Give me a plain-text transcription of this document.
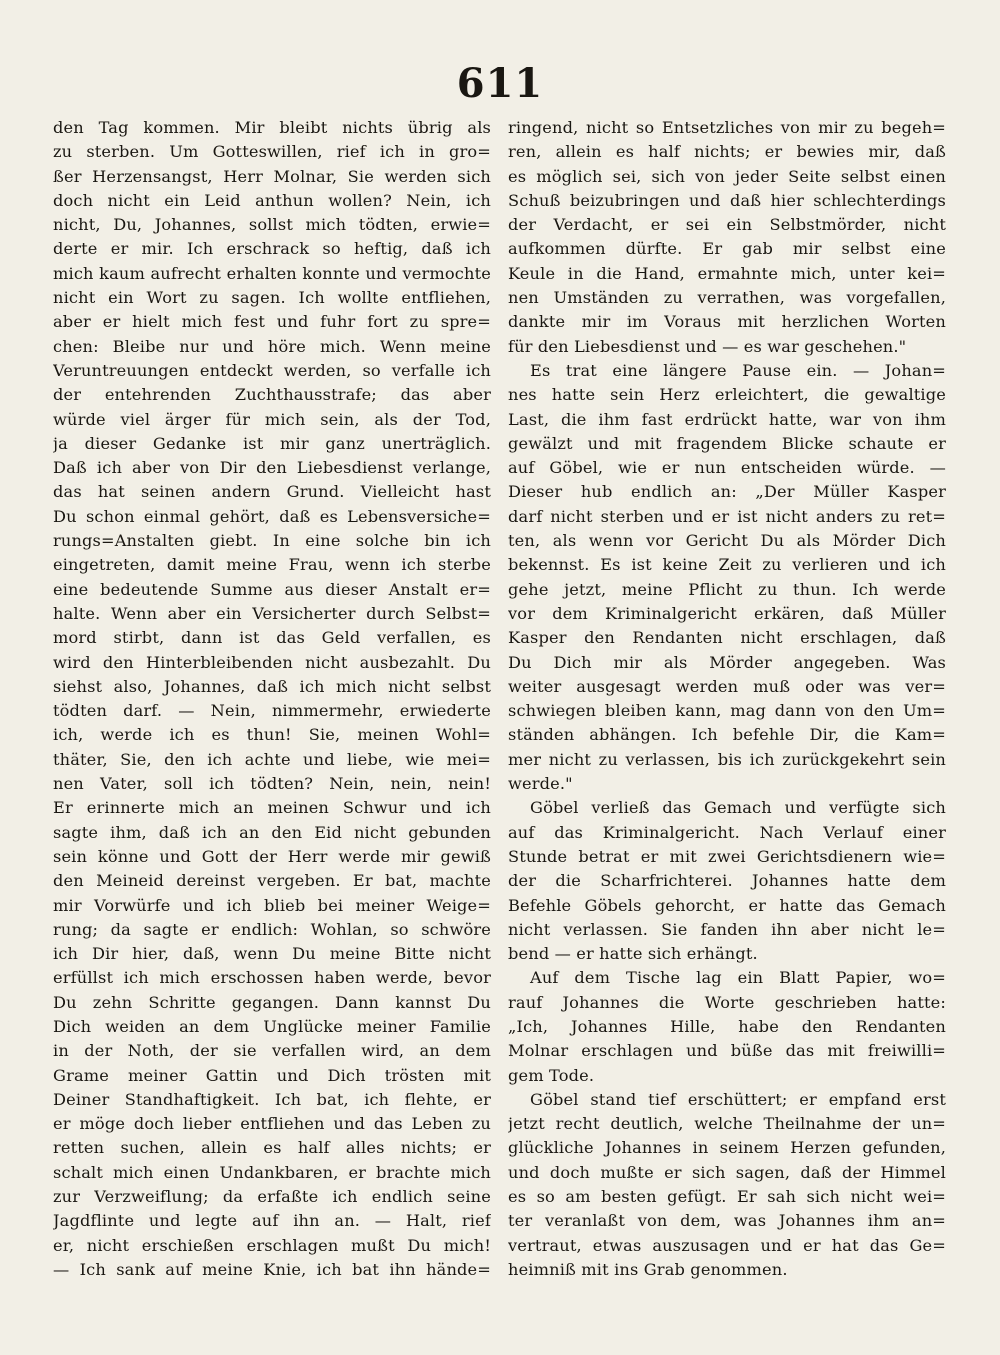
611
den Tag kommen. Mir bleibt nichts übrig als
zu sterben. Um Gotteswillen, rief ich in gro=
ßer Herzensangst, Herr Molnar, Sie werden sich
doch nicht ein Leid anthun wollen? Nein, ich
nicht, Du, Johannes, sollst mich tödten, erwie=
derte er mir. Ich erschrack so heftig, daß ich
mich kaum aufrecht erhalten konnte und vermochte
nicht ein Wort zu sagen. Ich wollte entfliehen,
aber er hielt mich fest und fuhr fort zu spre=
chen: Bleibe nur und höre mich. Wenn meine
Veruntreuungen entdeckt werden, so verfalle ich
der entehrenden Zuchthausstrafe; das aber
würde viel ärger für mich sein, als der Tod,
ja dieser Gedanke ist mir ganz unerträglich.
Daß ich aber von Dir den Liebesdienst verlange,
das hat seinen andern Grund. Vielleicht hast
Du schon einmal gehört, daß es Lebensversiche=
rungs=Anstalten giebt. In eine solche bin ich
eingetreten, damit meine Frau, wenn ich sterbe
eine bedeutende Summe aus dieser Anstalt er=
halte. Wenn aber ein Versicherter durch Selbst=
mord stirbt, dann ist das Geld verfallen, es
wird den Hinterbleibenden nicht ausbezahlt. Du
siehst also, Johannes, daß ich mich nicht selbst
tödten darf. — Nein, nimmermehr, erwiederte
ich, werde ich es thun! Sie, meinen Wohl=
thäter, Sie, den ich achte und liebe, wie mei=
nen Vater, soll ich tödten? Nein, nein, nein!
Er erinnerte mich an meinen Schwur und ich
sagte ihm, daß ich an den Eid nicht gebunden
sein könne und Gott der Herr werde mir gewiß
den Meineid dereinst vergeben. Er bat, machte
mir Vorwürfe und ich blieb bei meiner Weige=
rung; da sagte er endlich: Wohlan, so schwöre
ich Dir hier, daß, wenn Du meine Bitte nicht
erfüllst ich mich erschossen haben werde, bevor
Du zehn Schritte gegangen. Dann kannst Du
Dich weiden an dem Unglücke meiner Familie
in der Noth, der sie verfallen wird, an dem
Grame meiner Gattin und Dich trösten mit
Deiner Standhaftigkeit. Ich bat, ich flehte, er
er möge doch lieber entfliehen und das Leben zu
retten suchen, allein es half alles nichts; er
schalt mich einen Undankbaren, er brachte mich
zur Verzweiflung; da erfaßte ich endlich seine
Jagdflinte und legte auf ihn an. — Halt, rief
er, nicht erschießen erschlagen mußt Du mich!
— Ich sank auf meine Knie, ich bat ihn hände=
ringend, nicht so Entsetzliches von mir zu begeh=
ren, allein es half nichts; er bewies mir, daß
es möglich sei, sich von jeder Seite selbst einen
Schuß beizubringen und daß hier schlechterdings
der Verdacht, er sei ein Selbstmörder, nicht
aufkommen dürfte. Er gab mir selbst eine
Keule in die Hand, ermahnte mich, unter kei=
nen Umständen zu verrathen, was vorgefallen,
dankte mir im Voraus mit herzlichen Worten
für den Liebesdienst und — es war geschehen."
Es trat eine längere Pause ein. — Johan=
nes hatte sein Herz erleichtert, die gewaltige
Last, die ihm fast erdrückt hatte, war von ihm
gewälzt und mit fragendem Blicke schaute er
auf Göbel, wie er nun entscheiden würde. —
Dieser hub endlich an: „Der Müller Kasper
darf nicht sterben und er ist nicht anders zu ret=
ten, als wenn vor Gericht Du als Mörder Dich
bekennst. Es ist keine Zeit zu verlieren und ich
gehe jetzt, meine Pflicht zu thun. Ich werde
vor dem Kriminalgericht erkären, daß Müller
Kasper den Rendanten nicht erschlagen, daß
Du Dich mir als Mörder angegeben. Was
weiter ausgesagt werden muß oder was ver=
schwiegen bleiben kann, mag dann von den Um=
ständen abhängen. Ich befehle Dir, die Kam=
mer nicht zu verlassen, bis ich zurückgekehrt sein
werde."
Göbel verließ das Gemach und verfügte sich
auf das Kriminalgericht. Nach Verlauf einer
Stunde betrat er mit zwei Gerichtsdienern wie=
der die Scharfrichterei. Johannes hatte dem
Befehle Göbels gehorcht, er hatte das Gemach
nicht verlassen. Sie fanden ihn aber nicht le=
bend — er hatte sich erhängt.
Auf dem Tische lag ein Blatt Papier, wo=
rauf Johannes die Worte geschrieben hatte:
„Ich, Johannes Hille, habe den Rendanten
Molnar erschlagen und büße das mit freiwilli=
gem Tode.
Göbel stand tief erschüttert; er empfand erst
jetzt recht deutlich, welche Theilnahme der un=
glückliche Johannes in seinem Herzen gefunden,
und doch mußte er sich sagen, daß der Himmel
es so am besten gefügt. Er sah sich nicht wei=
ter veranlaßt von dem, was Johannes ihm an=
vertraut, etwas auszusagen und er hat das Ge=
heimniß mit ins Grab genommen.
